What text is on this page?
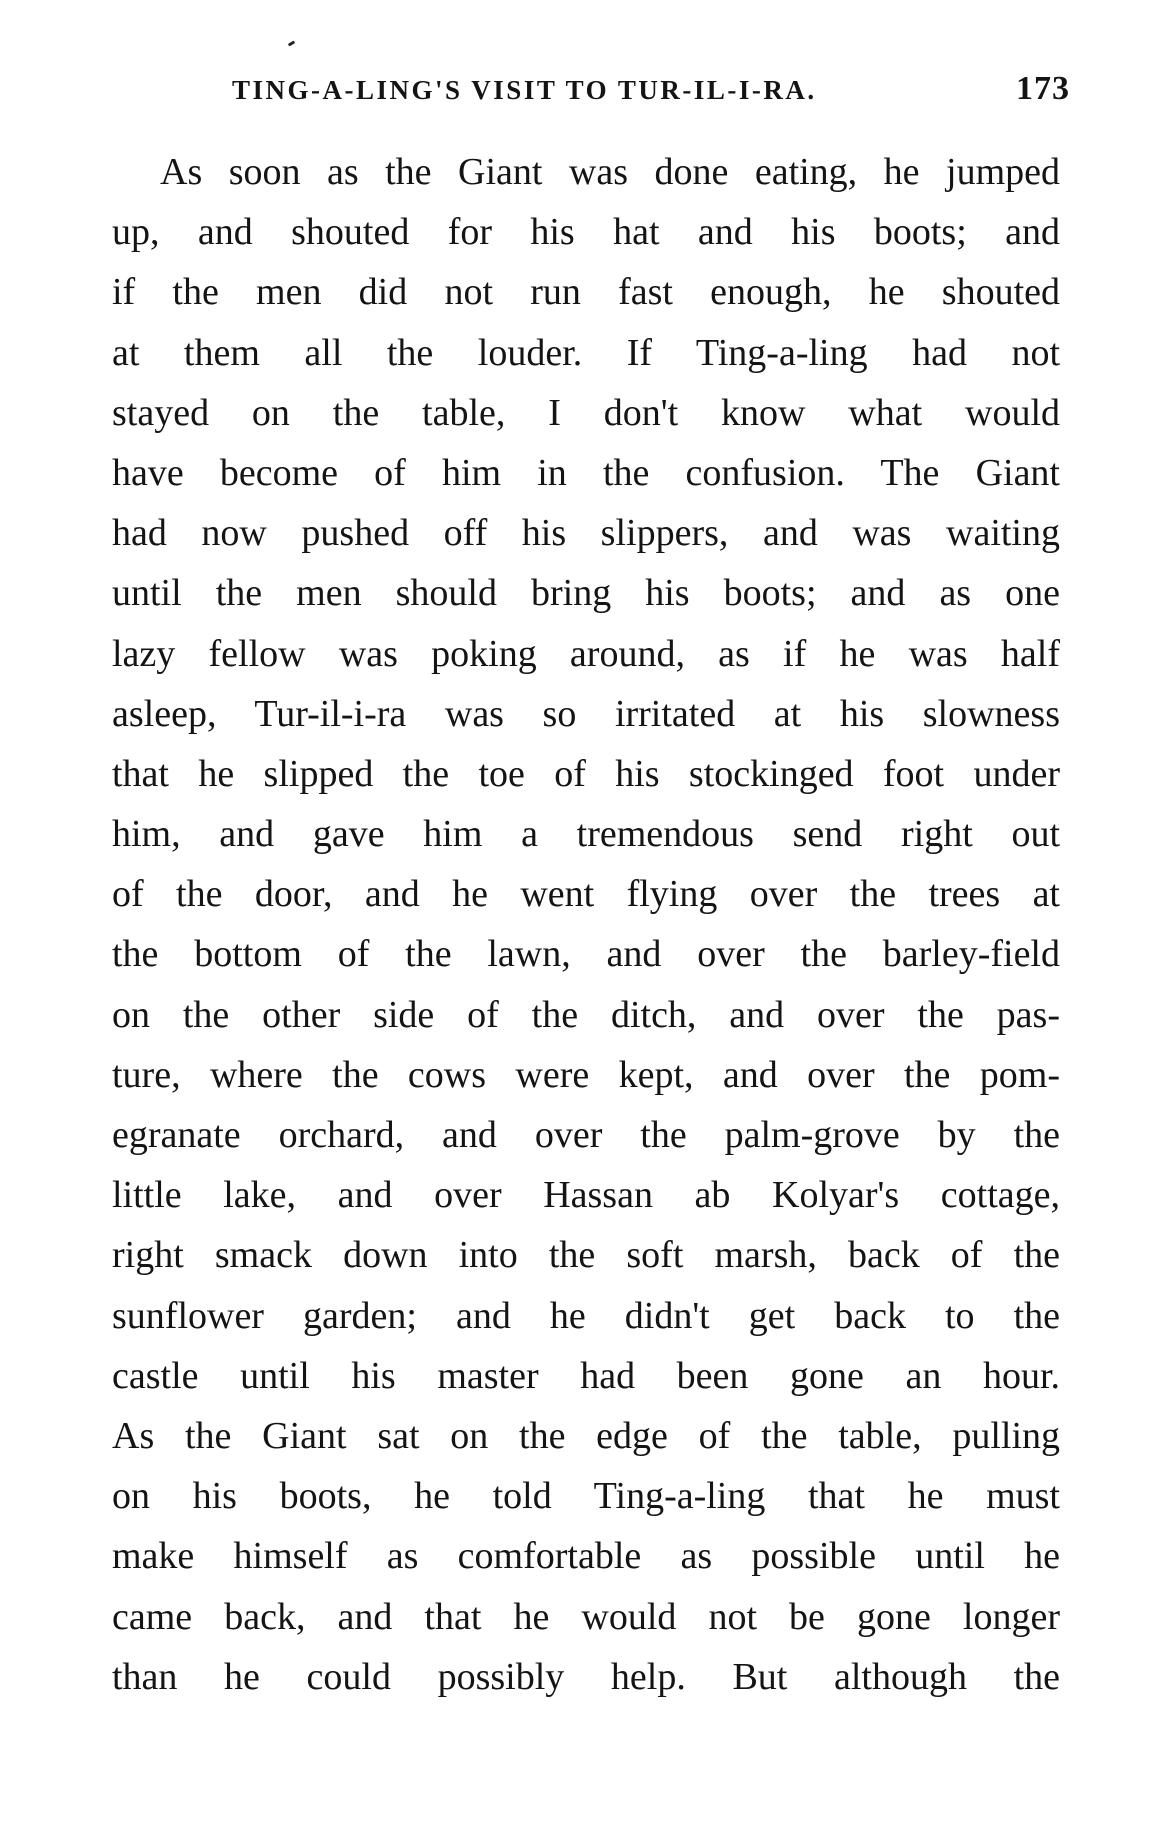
TING-A-LING'S VISIT TO TUR-IL-I-RA.	173
As soon as the Giant was done eating, he jumped
up, and shouted for his hat and his boots; and
if the men did not run fast enough, he shouted
at them all the louder. If Ting-a-ling had not
stayed on the table, I don't know what would
have become of him in the confusion. The Giant
had now pushed off his slippers, and was waiting
until the men should bring his boots; and as one
lazy fellow was poking around, as if he was half
asleep, Tur-il-i-ra was so irritated at his slowness
that he slipped the toe of his stockinged foot under
him, and gave him a tremendous send right out
of the door, and he went flying over the trees at
the bottom of the lawn, and over the barley-field
on the other side of the ditch, and over the pas-
ture, where the cows were kept, and over the pom-
egranate orchard, and over the palm-grove by the
little lake, and over Hassan ab Kolyar's cottage,
right smack down into the soft marsh, back of the
sunflower garden; and he didn't get back to the
castle until his master had been gone an hour.
As the Giant sat on the edge of the table, pulling
on his boots, he told Ting-a-ling that he must
make himself as comfortable as possible until he
came back, and that he would not be gone longer
than he could possibly help. But although the
